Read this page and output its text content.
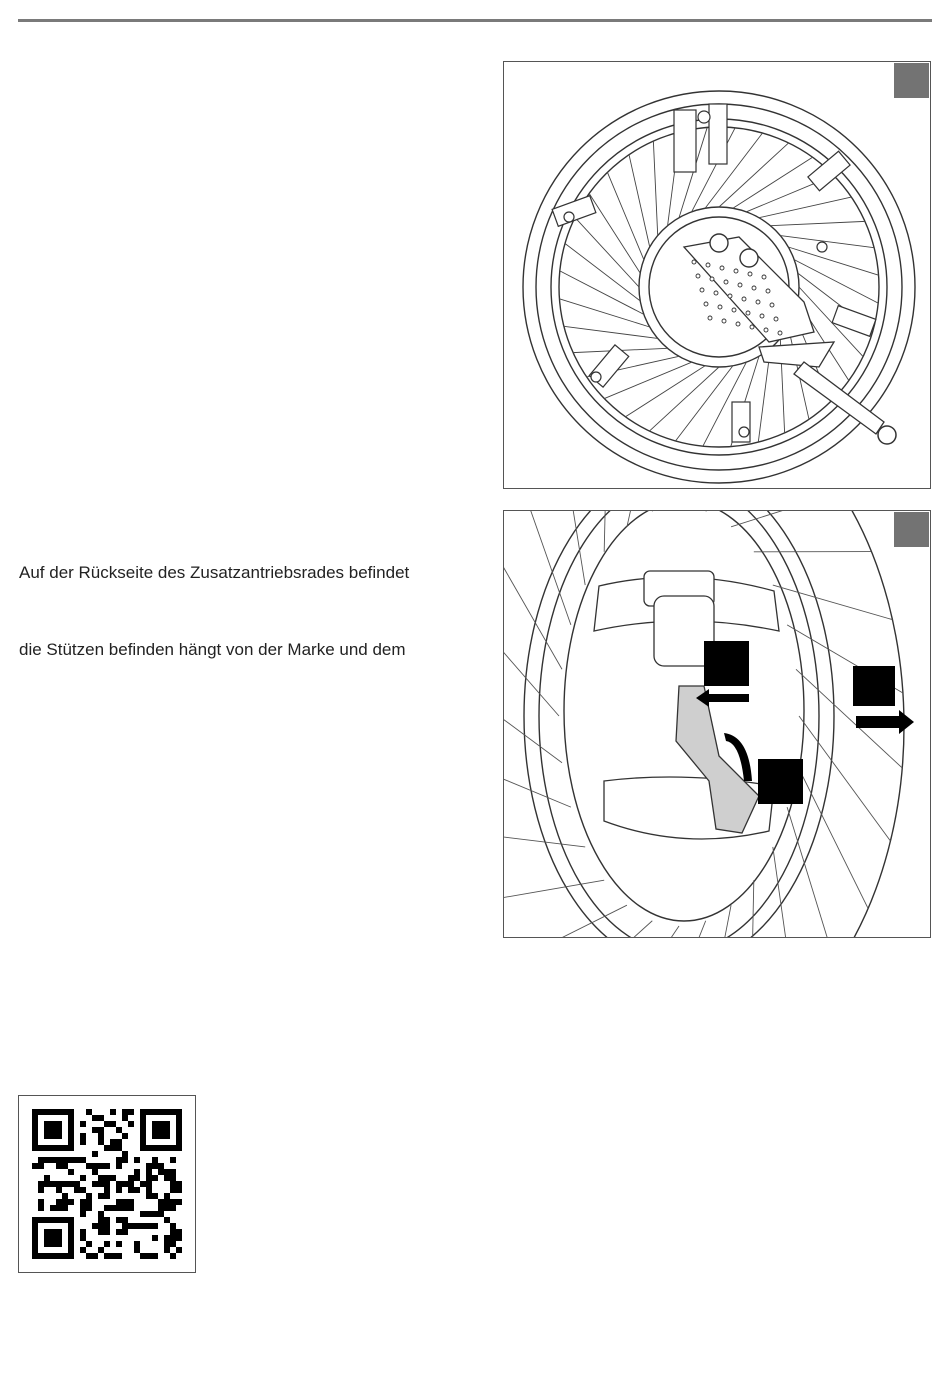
Auf der Rückseite des Zusatzantriebsrades befindet
die Stützen befinden hängt von der Marke und dem
